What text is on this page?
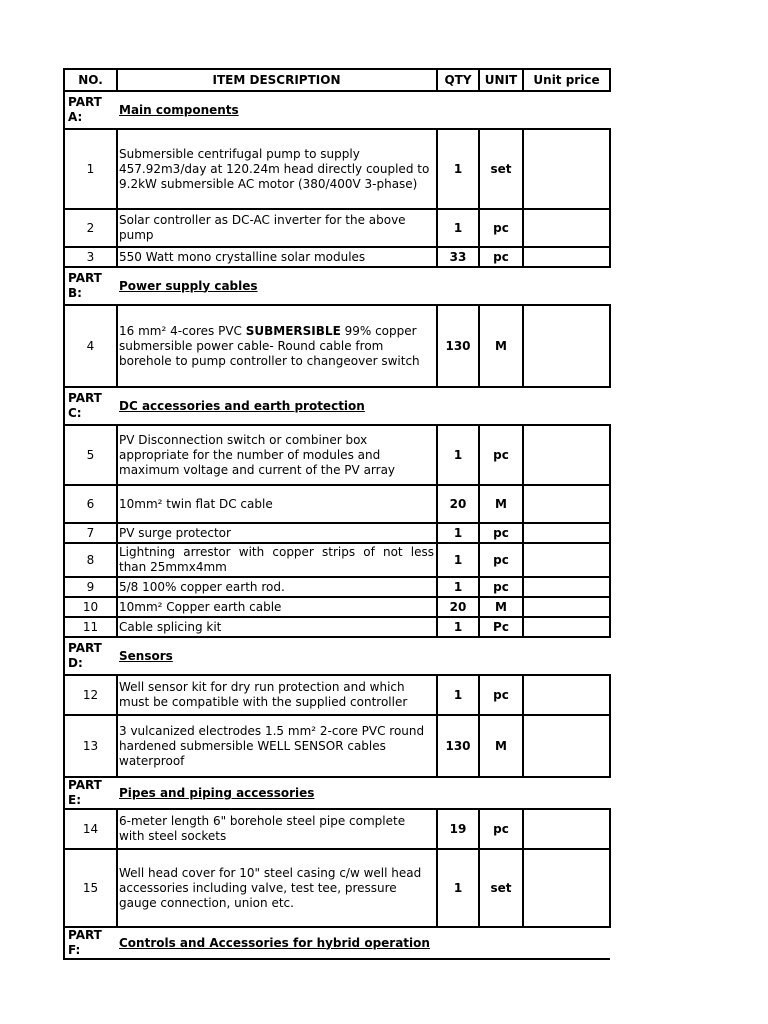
NO.	ITEM DESCRIPTION	QTY	UNIT	Unit price
PART A:	Main components			
1	Submersible centrifugal pump to supply 457.92m3/day at 120.24m head directly coupled to 9.2kW submersible AC motor (380/400V 3-phase)	1	set	
2	Solar controller as DC-AC inverter for the above pump	1	pc	
3	550 Watt mono crystalline solar modules	33	pc	
PART B:	Power supply cables			
4	16 mm² 4-cores PVC SUBMERSIBLE 99% copper submersible power cable- Round cable from borehole to pump controller to changeover switch	130	M	
PART C:	DC accessories and earth protection			
5	PV Disconnection switch or combiner box appropriate for the number of modules and maximum voltage and current of the PV array	1	pc	
6	10mm² twin flat DC cable	20	M	
7	PV surge protector	1	pc	
8	Lightning arrestor with copper strips of not less than 25mmx4mm	1	pc	
9	5/8 100% copper earth rod.	1	pc	
10	10mm² Copper earth cable	20	M	
11	Cable splicing kit	1	Pc	
PART D:	Sensors			
12	Well sensor kit for dry run protection and which must be compatible with the supplied controller	1	pc	
13	3 vulcanized electrodes 1.5 mm² 2-core PVC round hardened submersible WELL SENSOR cables waterproof	130	M	
PART E:	Pipes and piping accessories			
14	6-meter length 6" borehole steel pipe complete with steel sockets	19	pc	
15	Well head cover for 10" steel casing c/w well head accessories including valve, test tee, pressure gauge connection, union etc.	1	set	
PART F:	Controls and Accessories for hybrid operation			
